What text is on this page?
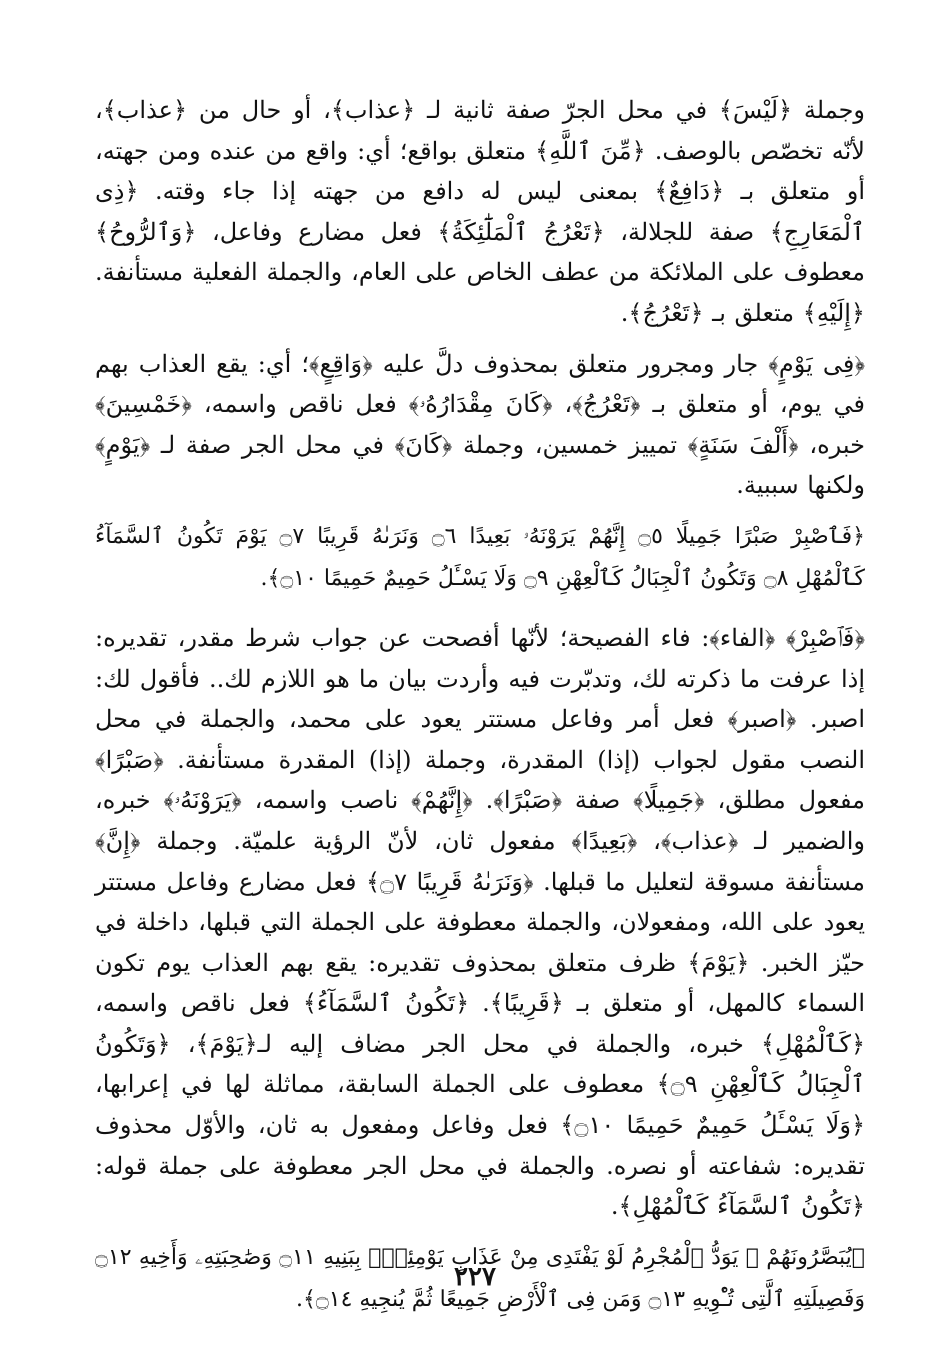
وجملة ﴿لَيْسَ﴾ في محل الجرّ صفة ثانية لـ ﴿عذاب﴾، أو حال من ﴿عذاب﴾، لأنّه تخصّص بالوصف. ﴿مِّنَ ٱللَّهِ﴾ متعلق بواقع؛ أي: واقع من عنده ومن جهته، أو متعلق بـ ﴿دَافِعٌ﴾ بمعنى ليس له دافع من جهته إذا جاء وقته. ﴿ذِى ٱلْمَعَارِجِ﴾ صفة للجلالة، ﴿تَعْرُجُ ٱلْمَلَٰٓئِكَةُ﴾ فعل مضارع وفاعل، ﴿وَٱلرُّوحُ﴾ معطوف على الملائكة من عطف الخاص على العام، والجملة الفعلية مستأنفة. ﴿إِلَيْهِ﴾ متعلق بـ ﴿تَعْرُجُ﴾.

﴿فِى يَوْمٍ﴾ جار ومجرور متعلق بمحذوف دلَّ عليه ﴿وَاقِعٍ﴾؛ أي: يقع العذاب بهم في يوم، أو متعلق بـ ﴿تَعْرُجُ﴾، ﴿كَانَ مِقْدَارُهُۥ﴾ فعل ناقص واسمه، ﴿خَمْسِينَ﴾ خبره، ﴿أَلْفَ سَنَةٍ﴾ تمييز خمسين، وجملة ﴿كَانَ﴾ في محل الجر صفة لـ ﴿يَوْمٍ﴾ ولكنها سببية.

﴿فَٱصْبِرْ صَبْرًا جَمِيلًا ۝٥ إِنَّهُمْ يَرَوْنَهُۥ بَعِيدًا ۝٦ وَنَرَىٰهُ قَرِيبًا ۝٧ يَوْمَ تَكُونُ ٱلسَّمَآءُ كَٱلْمُهْلِ ۝٨ وَتَكُونُ ٱلْجِبَالُ كَٱلْعِهْنِ ۝٩ وَلَا يَسْـَٔلُ حَمِيمٌ حَمِيمًا ۝١٠﴾.

﴿فَٱصْبِرْ﴾ ﴿الفاء﴾: فاء الفصيحة؛ لأنّها أفصحت عن جواب شرط مقدر، تقديره: إذا عرفت ما ذكرته لك، وتدبّرت فيه وأردت بيان ما هو اللازم لك.. فأقول لك: اصبر. ﴿اصبر﴾ فعل أمر وفاعل مستتر يعود على محمد، والجملة في محل النصب مقول لجواب (إذا) المقدرة، وجملة (إذا) المقدرة مستأنفة. ﴿صَبْرًا﴾ مفعول مطلق، ﴿جَمِيلًا﴾ صفة ﴿صَبْرًا﴾. ﴿إِنَّهُمْ﴾ ناصب واسمه، ﴿يَرَوْنَهُۥ﴾ خبره، والضمير لـ ﴿عذاب﴾، ﴿بَعِيدًا﴾ مفعول ثان، لأنّ الرؤية علميّة. وجملة ﴿إِنَّ﴾ مستأنفة مسوقة لتعليل ما قبلها. ﴿وَنَرَىٰهُ قَرِيبًا ۝٧﴾ فعل مضارع وفاعل مستتر يعود على الله، ومفعولان، والجملة معطوفة على الجملة التي قبلها، داخلة في حيّز الخبر. ﴿يَوْمَ﴾ ظرف متعلق بمحذوف تقديره: يقع بهم العذاب يوم تكون السماء كالمهل، أو متعلق بـ ﴿قَرِيبًا﴾. ﴿تَكُونُ ٱلسَّمَآءُ﴾ فعل ناقص واسمه، ﴿كَٱلْمُهْلِ﴾ خبره، والجملة في محل الجر مضاف إليه لـ﴿يَوْمَ﴾، ﴿وَتَكُونُ ٱلْجِبَالُ كَٱلْعِهْنِ ۝٩﴾ معطوف على الجملة السابقة، مماثلة لها في إعرابها، ﴿وَلَا يَسْـَٔلُ حَمِيمٌ حَمِيمًا ۝١٠﴾ فعل وفاعل ومفعول به ثان، والأوّل محذوف تقديره: شفاعته أو نصره. والجملة في محل الجر معطوفة على جملة قوله: ﴿تَكُونُ ٱلسَّمَآءُ كَٱلْمُهْلِ﴾.

﴿يُبَصَّرُونَهُمْ ۚ يَوَدُّ ٱلْمُجْرِمُ لَوْ يَفْتَدِى مِنْ عَذَابِ يَوْمِئِذٍۭ بِبَنِيهِ ۝١١ وَصَٰحِبَتِهِۦ وَأَخِيهِ ۝١٢ وَفَصِيلَتِهِ ٱلَّتِى تُـْٔوِيهِ ۝١٣ وَمَن فِى ٱلْأَرْضِ جَمِيعًا ثُمَّ يُنجِيهِ ۝١٤﴾.

٢٢٧
